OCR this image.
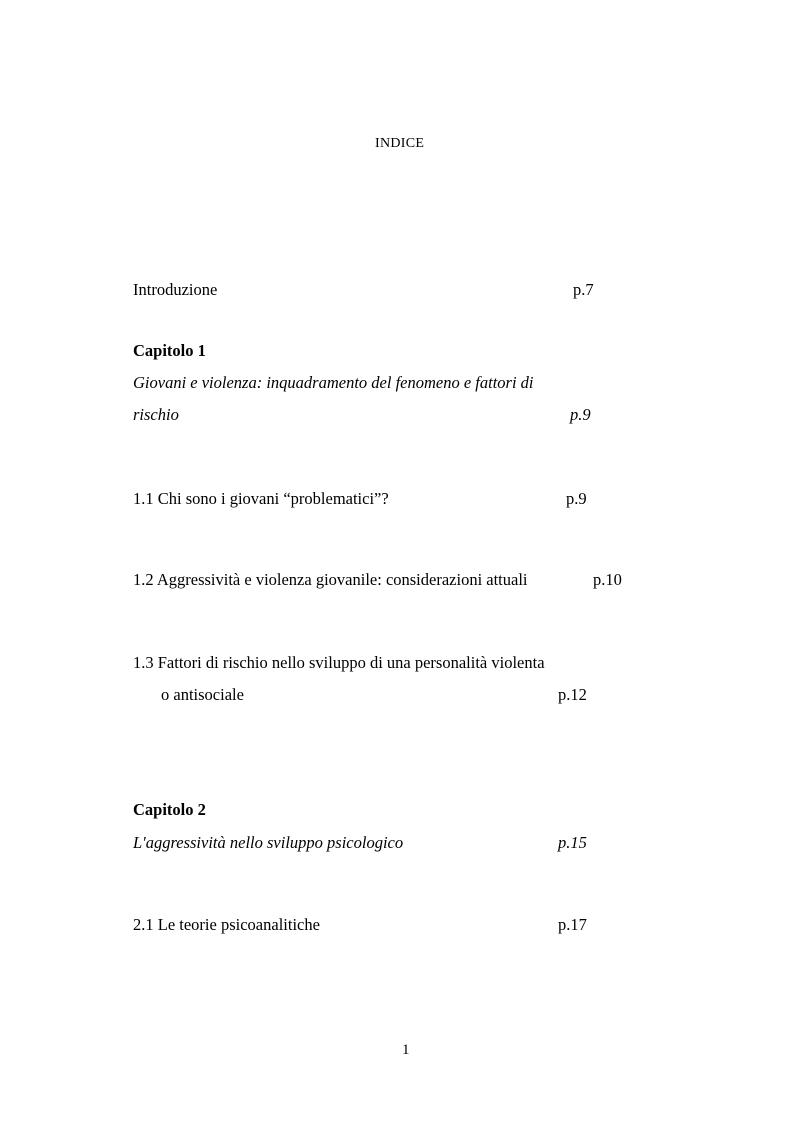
INDICE
Introduzione	p.7
Capitolo 1
Giovani e violenza: inquadramento del fenomeno e fattori di
rischio	p.9
1.1 Chi sono i giovani “problematici”?	p.9
1.2 Aggressività e violenza giovanile: considerazioni attuali	p.10
1.3 Fattori di rischio nello sviluppo di una personalità violenta
o antisociale	p.12
Capitolo 2
L'aggressività nello sviluppo psicologico	p.15
2.1 Le teorie psicoanalitiche	p.17
1
